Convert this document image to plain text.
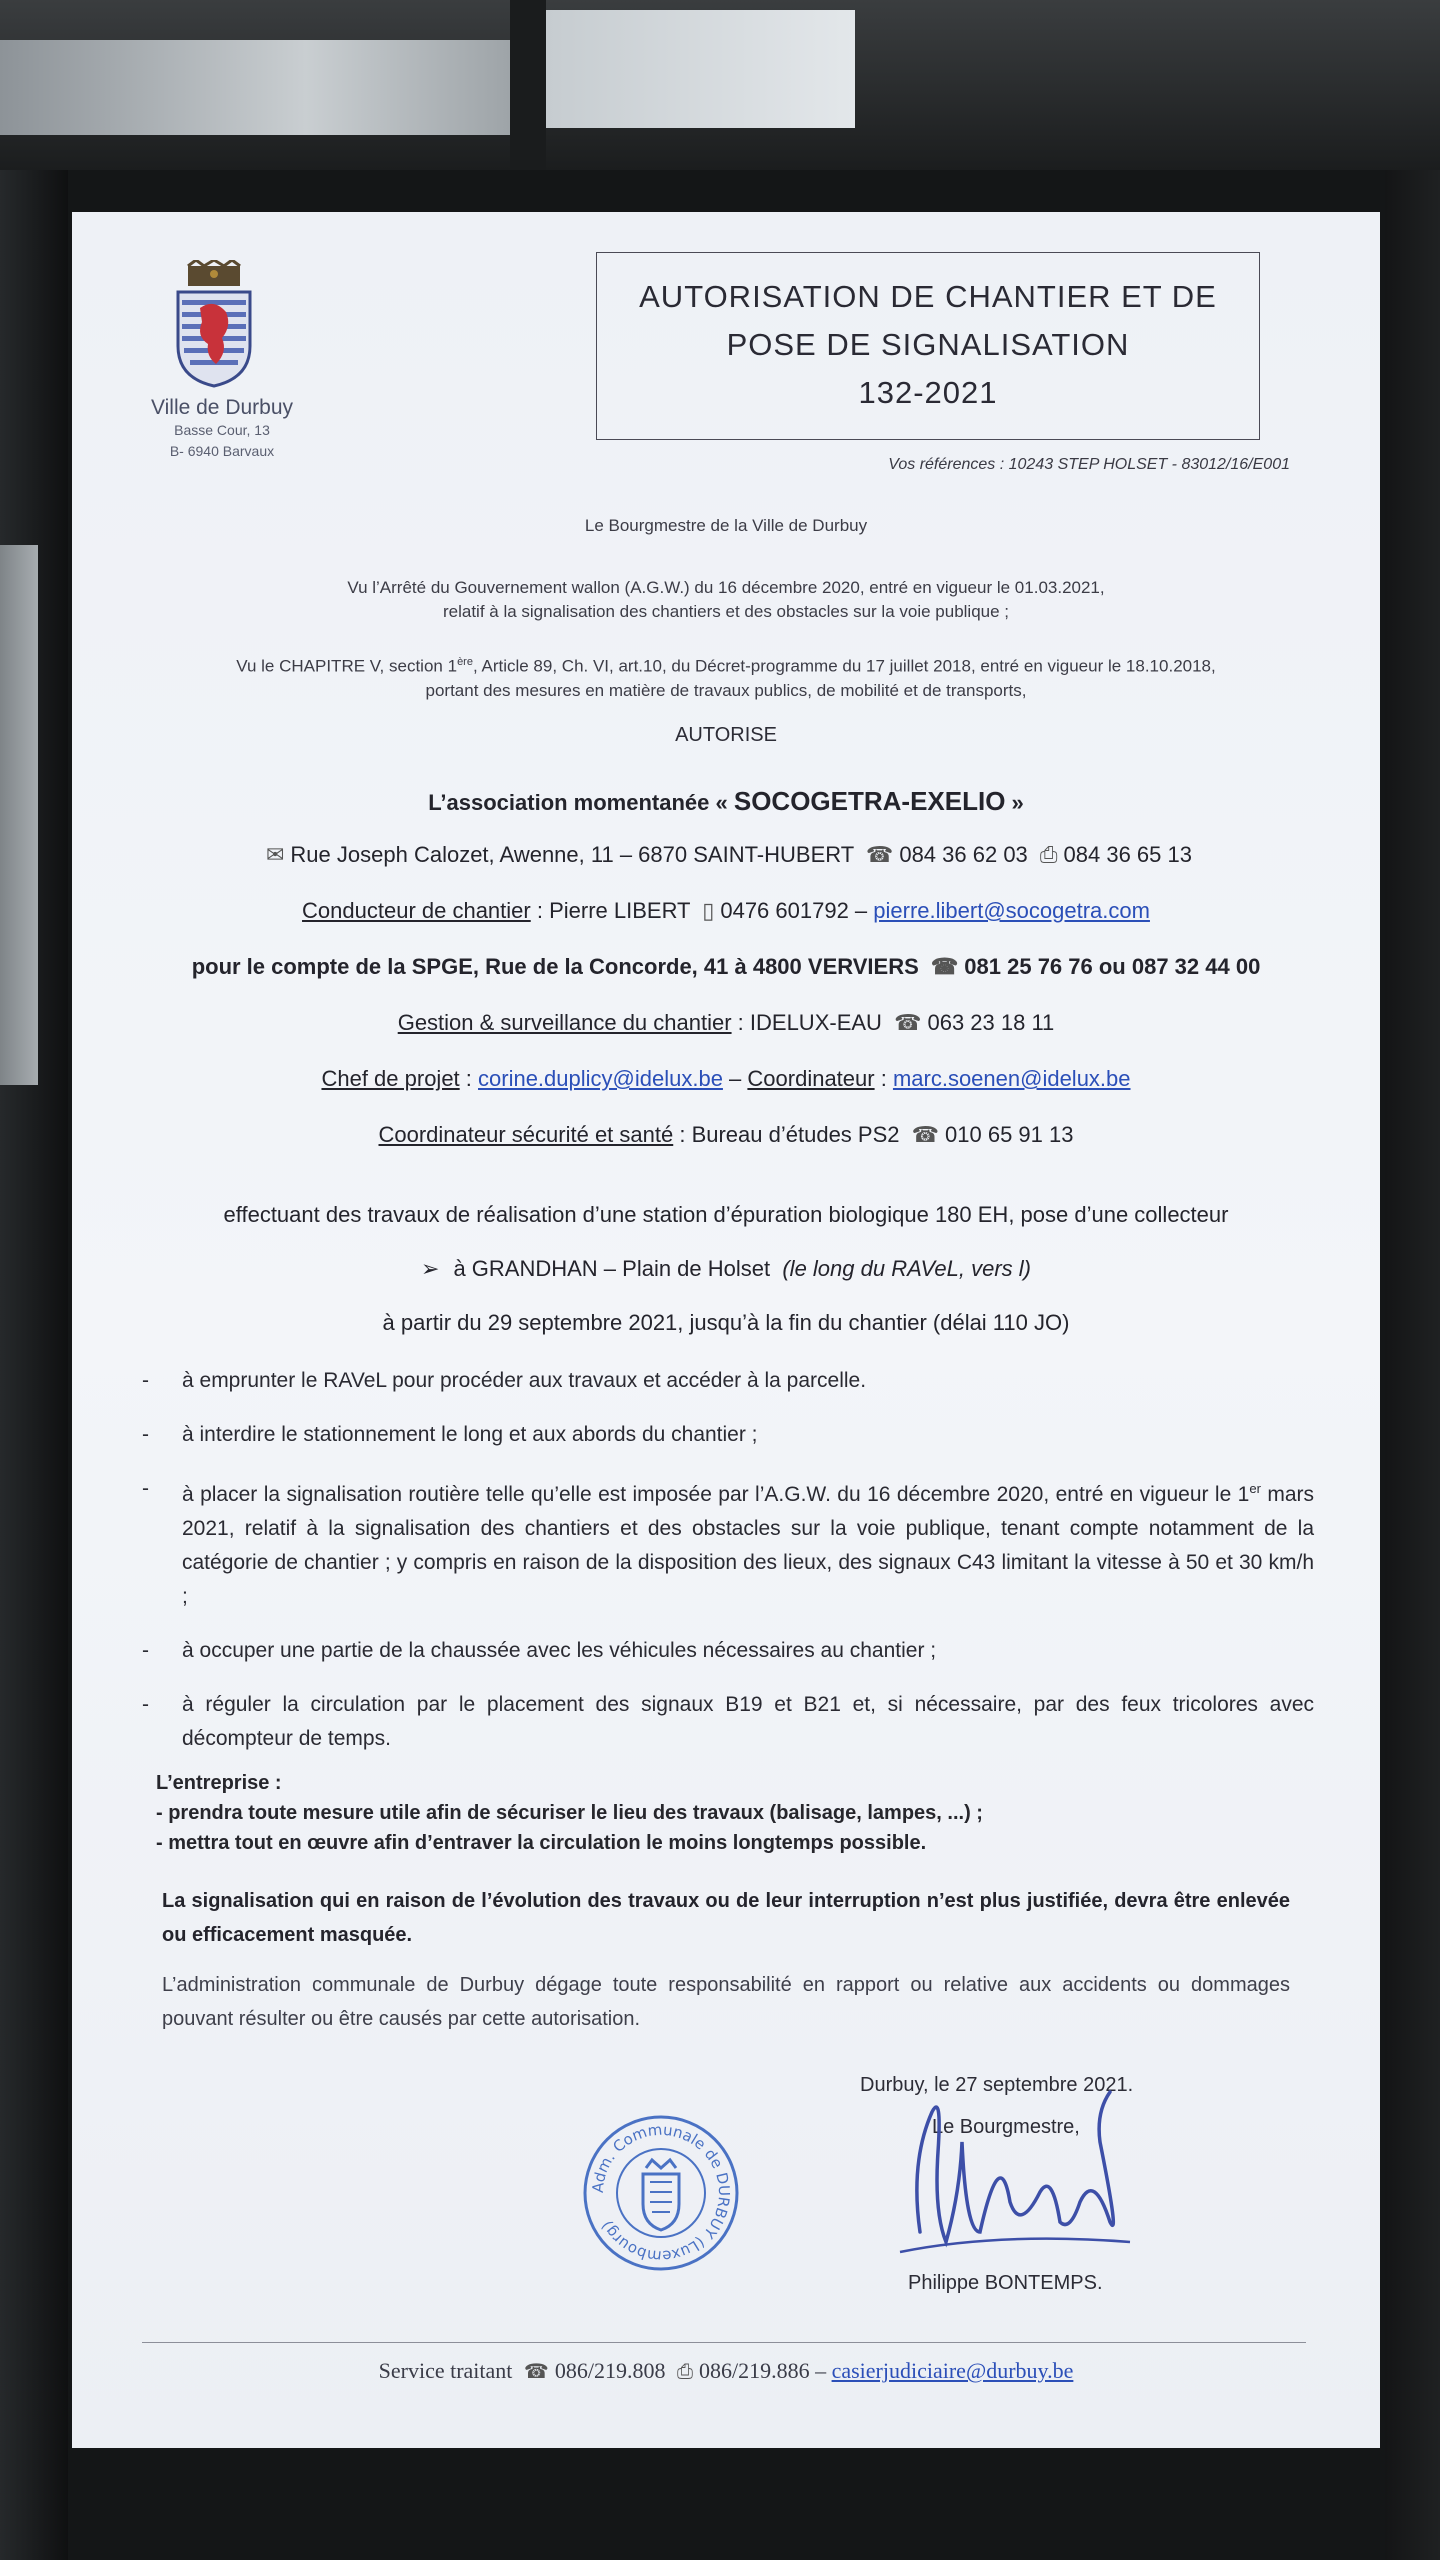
Ville de Durbuy
Basse Cour, 13
B- 6940 Barvaux
AUTORISATION DE CHANTIER ET DE
POSE DE SIGNALISATION
132-2021
Vos références : 10243 STEP HOLSET - 83012/16/E001
Le Bourgmestre de la Ville de Durbuy
Vu l’Arrêté du Gouvernement wallon (A.G.W.) du 16 décembre 2020, entré en vigueur le 01.03.2021,
relatif à la signalisation des chantiers et des obstacles sur la voie publique ;
Vu le CHAPITRE V, section 1ère, Article 89, Ch. VI, art.10, du Décret-programme du 17 juillet 2018, entré en vigueur le 18.10.2018,
portant des mesures en matière de travaux publics, de mobilité et de transports,
AUTORISE
L’association momentanée « SOCOGETRA-EXELIO »
✉ Rue Joseph Calozet, Awenne, 11 – 6870 SAINT-HUBERT ☎ 084 36 62 03 ⎙ 084 36 65 13
Conducteur de chantier : Pierre LIBERT ▯ 0476 601792 – pierre.libert@socogetra.com
pour le compte de la SPGE, Rue de la Concorde, 41 à 4800 VERVIERS ☎ 081 25 76 76 ou 087 32 44 00
Gestion & surveillance du chantier : IDELUX-EAU ☎ 063 23 18 11
Chef de projet : corine.duplicy@idelux.be – Coordinateur : marc.soenen@idelux.be
Coordinateur sécurité et santé : Bureau d’études PS2 ☎ 010 65 91 13
effectuant des travaux de réalisation d’une station d’épuration biologique 180 EH, pose d’une collecteur
➢ à GRANDHAN – Plain de Holset (le long du RAVeL, vers l)
à partir du 29 septembre 2021, jusqu’à la fin du chantier (délai 110 JO)
- à emprunter le RAVeL pour procéder aux travaux et accéder à la parcelle.
- à interdire le stationnement le long et aux abords du chantier ;
- à placer la signalisation routière telle qu’elle est imposée par l’A.G.W. du 16 décembre 2020, entré en vigueur le 1er mars 2021, relatif à la signalisation des chantiers et des obstacles sur la voie publique, tenant compte notamment de la catégorie de chantier ; y compris en raison de la disposition des lieux, des signaux C43 limitant la vitesse à 50 et 30 km/h ;
- à occuper une partie de la chaussée avec les véhicules nécessaires au chantier ;
- à réguler la circulation par le placement des signaux B19 et B21 et, si nécessaire, par des feux tricolores avec décompteur de temps.
L’entreprise :
- prendra toute mesure utile afin de sécuriser le lieu des travaux (balisage, lampes, ...) ;
- mettra tout en œuvre afin d’entraver la circulation le moins longtemps possible.
La signalisation qui en raison de l’évolution des travaux ou de leur interruption n’est plus justifiée, devra être enlevée ou efficacement masquée.
L’administration communale de Durbuy dégage toute responsabilité en rapport ou relative aux accidents ou dommages pouvant résulter ou être causés par cette autorisation.
Durbuy, le 27 septembre 2021.
Le Bourgmestre,
Philippe BONTEMPS.
Adm. Communale de DURBUY (Luxembourg)
Service traitant ☎ 086/219.808 ⎙ 086/219.886 – casierjudiciaire@durbuy.be
